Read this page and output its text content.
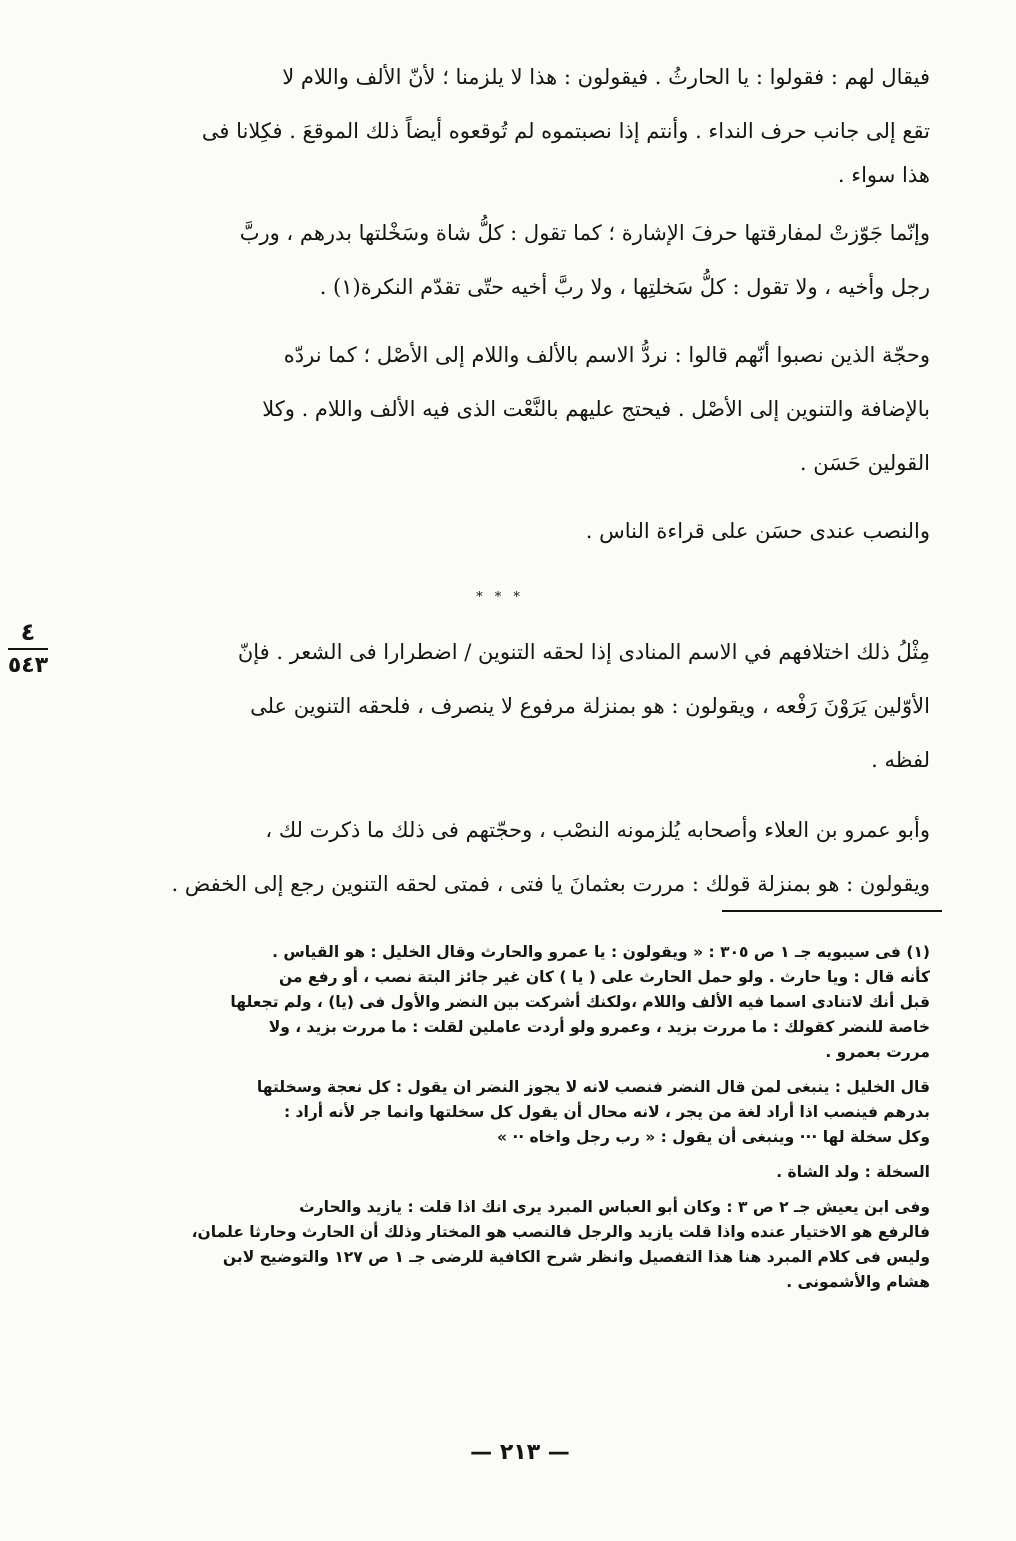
فيقال لهم : فقولوا : يا الحارثُ . فيقولون : هذا لا يلزمنا ؛ لأنّ الألف واللام لا
تقع إلى جانب حرف النداء . وأنتم إذا نصبتموه لم تُوقعوه أيضاً ذلك الموقعَ . فكِلانا فى
هذا سواء .
وإنّما جَوّزتْ لمفارقتها حرفَ الإشارة ؛ كما تقول : كلُّ شاة وسَخْلتها بدرهم ، وربَّ
رجل وأخيه ، ولا تقول : كلُّ سَخلتِها ، ولا ربَّ أخيه حتّى تقدّم النكرة(١) .
وحجّة الذين نصبوا أنّهم قالوا : نردُّ الاسم بالألف واللام إلى الأصْل ؛ كما نردّه
بالإضافة والتنوين إلى الأصْل . فيحتج عليهم بالنَّعْت الذى فيه الألف واللام . وكلا
القولين حَسَن .
والنصب عندى حسَن على قراءة الناس .
* * *
٤
٥٤٣
مِثْلُ ذلك اختلافهم في الاسم المنادى إذا لحقه التنوين / اضطرارا فى الشعر . فإنّ
الأوّلين يَرَوْنَ رَفْعه ، ويقولون : هو بمنزلة مرفوع لا ينصرف ، فلحقه التنوين على
لفظه .
وأبو عمرو بن العلاء وأصحابه يُلزمونه النصْب ، وحجّتهم فى ذلك ما ذكرت لك ،
ويقولون : هو بمنزلة قولك : مررت بعثمانَ يا فتى ، فمتى لحقه التنوين رجع إلى الخفض .
(١) فى سيبويه جـ ١ ص ٣٠٥ : « ويقولون : يا عمرو والحارث وقال الخليل : هو القياس .
كأنه قال : ويا حارث . ولو حمل الحارث على ( يا ) كان غير جائز البتة نصب ، أو رفع من
قبل أنك لاتنادى اسما فيه الألف واللام ،ولكنك أشركت بين النضر والأول فى (يا) ، ولم تجعلها
خاصة للنضر كقولك : ما مررت بزيد ، وعمرو ولو أردت عاملين لقلت : ما مررت بزيد ، ولا
مررت بعمرو .
قال الخليل : ينبغى لمن قال النضر فنصب لانه لا يجوز النضر ان يقول : كل نعجة وسخلتها
بدرهم فينصب اذا أراد لغة من يجر ، لانه محال أن يقول كل سخلتها وانما جر لأنه أراد :
وكل سخلة لها ··· وينبغى أن يقول : « رب رجل واخاه ·· »
السخلة : ولد الشاة .
وفى ابن يعيش جـ ٢ ص ٣ : وكان أبو العباس المبرد يرى انك اذا قلت : يازيد والحارث
فالرفع هو الاختيار عنده واذا قلت يازيد والرجل فالنصب هو المختار وذلك أن الحارث وحارثا علمان،
وليس فى كلام المبرد هنا هذا التفصيل وانظر شرح الكافية للرضى جـ ١ ص ١٢٧ والتوضيح لابن
هشام والأشمونى .
— ٢١٣ —
